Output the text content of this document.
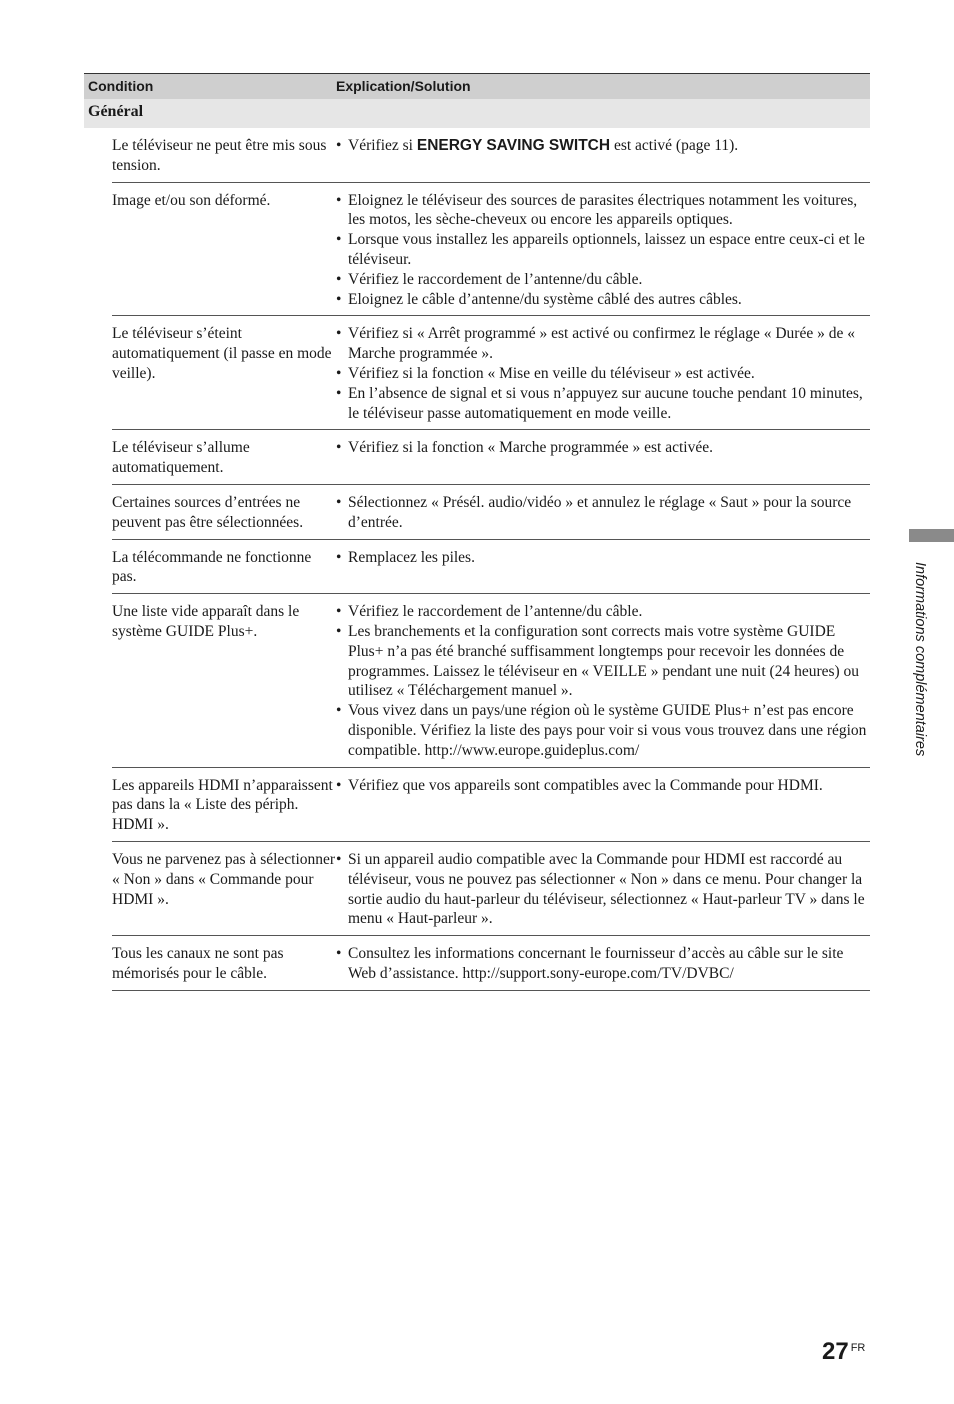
Condition	Explication/Solution
Général
Le téléviseur ne peut être mis sous tension.
• Vérifiez si ENERGY SAVING SWITCH est activé (page 11).
Image et/ou son déformé.
•	Eloignez le téléviseur des sources de parasites électriques notamment les voitures, les motos, les sèche-cheveux ou encore les appareils optiques.
• Lorsque vous installez les appareils optionnels, laissez un espace entre ceux-ci et le téléviseur.
• Vérifiez le raccordement de l’antenne/du câble.
• Eloignez le câble d’antenne/du système câblé des autres câbles.
Le téléviseur s’éteint automatiquement (il passe en mode veille).
• Vérifiez si « Arrêt programmé » est activé ou confirmez le réglage « Durée » de « Marche programmée ».
• Vérifiez si la fonction « Mise en veille du téléviseur » est activée.
• En l’absence de signal et si vous n’appuyez sur aucune touche pendant 10 minutes, le téléviseur passe automatiquement en mode veille.
Le téléviseur s’allume automatiquement.
• Vérifiez si la fonction « Marche programmée » est activée.
Certaines sources d’entrées ne peuvent pas être sélectionnées.
• Sélectionnez « Présél. audio/vidéo » et annulez le réglage « Saut » pour la source d’entrée.
La télécommande ne fonctionne pas.
• Remplacez les piles.
Une liste vide apparaît dans le système GUIDE Plus+.
• Vérifiez le raccordement de l’antenne/du câble.
• Les branchements et la configuration sont corrects mais votre système GUIDE Plus+ n’a pas été branché suffisamment longtemps pour recevoir les données de programmes. Laissez le téléviseur en « VEILLE » pendant une nuit (24 heures) ou utilisez « Téléchargement manuel ».
• Vous vivez dans un pays/une région où le système GUIDE Plus+ n’est pas encore disponible. Vérifiez la liste des pays pour voir si vous vous trouvez dans une région compatible. http://www.europe.guideplus.com/
Les appareils HDMI n’apparaissent pas dans la « Liste des périph. HDMI ».
• Vérifiez que vos appareils sont compatibles avec la Commande pour HDMI.
Vous ne parvenez pas à sélectionner « Non » dans « Commande pour HDMI ».
• Si un appareil audio compatible avec la Commande pour HDMI est raccordé au téléviseur, vous ne pouvez pas sélectionner « Non » dans ce menu. Pour changer la sortie audio du haut-parleur du téléviseur, sélectionnez « Haut-parleur TV » dans le menu « Haut-parleur ».
Tous les canaux ne sont pas mémorisés pour le câble.
• Consultez les informations concernant le fournisseur d’accès au câble sur le site Web d’assistance. http://support.sony-europe.com/TV/DVBC/
Informations complémentaires
27 $^{FR}$
